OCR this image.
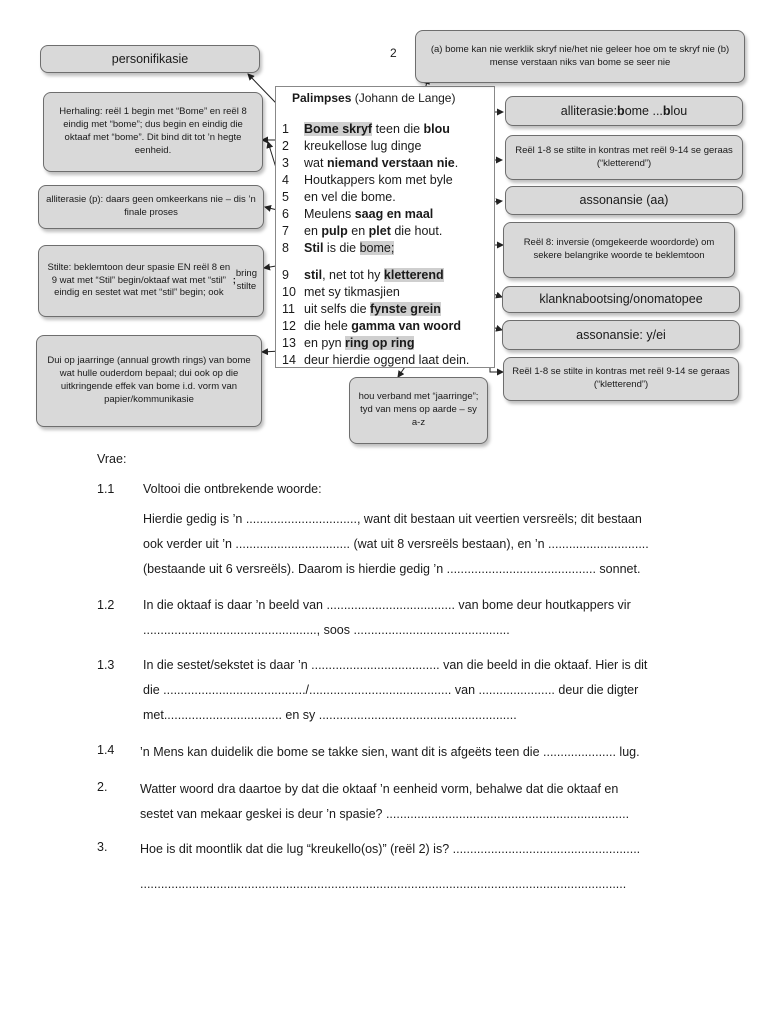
2
Palimpses (Johann de Lange)
1 Bome skryf teen die blou
2 kreukellose lug dinge
3 wat niemand verstaan nie.
4 Houtkappers kom met byle
5 en vel die bome.
6 Meulens saag en maal
7 en pulp en plet die hout.
8 Stil is die bome;
9 stil, net tot hy kletterend
10 met sy tikmasjien
11 uit selfs die fynste grein
12 die hele gamma van woord
13 en pyn ring op ring
14 deur hierdie oggend laat dein.
personifikasie
(a) bome kan nie werklik skryf nie/het nie geleer hoe om te skryf nie (b) mense verstaan niks van bome se seer nie
Herhaling: reël 1 begin met “Bome” en reël 8 eindig met “bome”; dus begin en eindig die oktaaf met “bome”. Dit bind dit tot ’n hegte eenheid.
alliterasie: b ome ... b lou
Reël 1-8 se stilte in kontras met reël 9-14 se geraas (“kletterend”)
alliterasie (p): daars geen omkeerkans nie – dis ’n finale proses
assonansie (aa)
Stilte: beklemtoon deur spasie EN reël 8 en 9 wat met “Stil” begin/oktaaf wat met “stil” eindig en sestet wat met “stil” begin; ook
;
bring stilte
Reël 8: inversie (omgekeerde woordorde) om sekere belangrike woorde te beklemtoon
klanknabootsing/onomatopee
Dui op jaarringe (annual growth rings) van bome wat hulle ouderdom bepaal; dui ook op die uitkringende effek van bome i.d. vorm van papier/kommunikasie
assonansie: y/ei
hou verband met “jaarringe”; tyd van mens op aarde – sy a-z
Reël 1-8 se stilte in kontras met reël 9-14 se geraas (“kletterend”)
Vrae:
1.1 Voltooi die ontbrekende woorde:
Hierdie gedig is ’n ................................, want dit bestaan uit veertien versreëls; dit bestaan
ook verder uit ’n ................................. (wat uit 8 versreëls bestaan), en ’n .............................
(bestaande uit 6 versreëls). Daarom is hierdie gedig ’n ........................................... sonnet.
1.2 In die oktaaf is daar ’n beeld van ..................................... van bome deur houtkappers vir
.................................................., soos .............................................
1.3 In die sestet/sekstet is daar ’n ..................................... van die beeld in die oktaaf. Hier is dit
die ........................................./......................................... van ...................... deur die digter
met.................................. en sy .........................................................
1.4 ’n Mens kan duidelik die bome se takke sien, want dit is afgeëts teen die ..................... lug.
2.	Watter woord dra daartoe by dat die oktaaf ’n eenheid vorm, behalwe dat die oktaaf en
sestet van mekaar geskei is deur ’n spasie? ......................................................................
3.	Hoe is dit moontlik dat die lug “kreukello(os)” (reël 2) is? ......................................................
............................................................................................................................................
